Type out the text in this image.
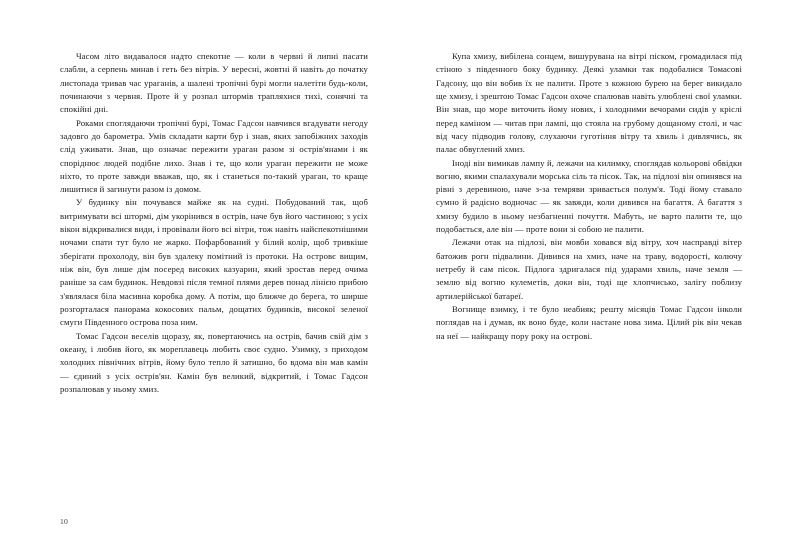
Часом літо видавалося надто спекотне — коли в червні й липні пасати слабли, а серпень минав і геть без вітрів. У вересні, жовтні й навіть до початку листопада тривав час ураганів, а шалені тропічні бурі могли налетіти будь-коли, починаючи з червня. Проте й у розпал штормів трапляхися тихі, сонячні та спокійні дні.

Роками споглядаючи тропічні бурі, Томас Гадсон навчився вгадувати негоду задовго до барометра. Умів складати карти бур і знав, яких запобіжних заходів слід уживати. Знав, що означає пережити ураган разом зі острів'янами і як споріднює людей подібне лихо. Знав і те, що коли ураган пережити не може ніхто, то проте завжди вважав, що, як і станеться по-такий ураган, то краще лишитися й загинути разом із домом.

У будинку він почувався майже як на судні. Побудований так, щоб витримувати всі штормі, дім укорінився в острів, наче був його частиною; з усіх вікон відкривалися види, і провівали його всі вітри, тож навіть найспекотнішими ночами спати тут було не жарко. Пофарбований у білий колір, щоб тривкіше зберігати прохолоду, він був здалеку помітний із протоки. На островє вищим, ніж він, був лише дім посеред високих казуарин, який зростав перед очима раніше за сам будинок. Невдовзі після темної плями дерев понад лінією прибою з'являлася біла масивна коробка дому. А потім, що ближче до берега, то ширше розгорталася панорама кокосових пальм, дощатих будинків, високої зеленої смуги Південного острова поза ним.

Томас Гадсон веселів щоразу, як, повертаючись на острів, бачив свій дім з океану, і любив його, як мореплавець любить своє судно. Узимку, з приходом холодних північних вітрів, йому було тепло й затишно, бо вдома він мав камін — єдиний з усіх острів'ян. Камін був великий, відкритий, і Томас Гадсон розпалював у ньому хмиз.

10

Купа хмизу, вибілена сонцем, вишурувана на вітрі піском, громадилася під стіною з південного боку будинку. Деякі уламки так подобалися Томасові Гадсону, що він вобив їх не палити. Проте з кожною бурею на берег викидало ще хмизу, і зрештою Томас Гадсон охоче спалював навіть улюблені свої уламки. Він знав, що море виточить йому нових, і холодними вечорами сидів у кріслі перед каміном — читав при лампі, що стояла на грубому дощаному столі, и час від часу підводив голову, слухаючи гуготіння вітру та хвиль і дивлячись, як палає обвуглений хмиз.

Іноді він вимикав лампу й, лежачи на килимку, споглядав кольорові обвідки вогню, якими спалахували морська сіль та пісок. Так, на підлозі він опинявся на рівні з деревиною, наче з-за темряви зривається полум'я. Тоді йому ставало сумно й радісно водночас — як завжди, коли дивився на багаття. А багаття з хмизу будило в ньому незбагненні почуття. Мабуть, не варто палити те, що подобається, але він — проте вони зі собою не палити.

Лежачи отак на підлозі, він мовби ховався від вітру, хоч насправді вітер батожив рогн підвалини. Дивився на хмиз, наче на траву, водорості, колючу нетребу й сам пісок. Підлога здригалася під ударами хвиль, наче земля — землю від вогню кулеметів, доки він, тоді ще хлопчисько, залігу поблизу артилерійської батареї.

Вогнище взимку, і те було неабияк; решту місяців Томас Гадсон інколи поглядав на і думав, як воно буде, коли настане нова зима. Цілий рік він чекав на неї — найкращу пору року на острові.
